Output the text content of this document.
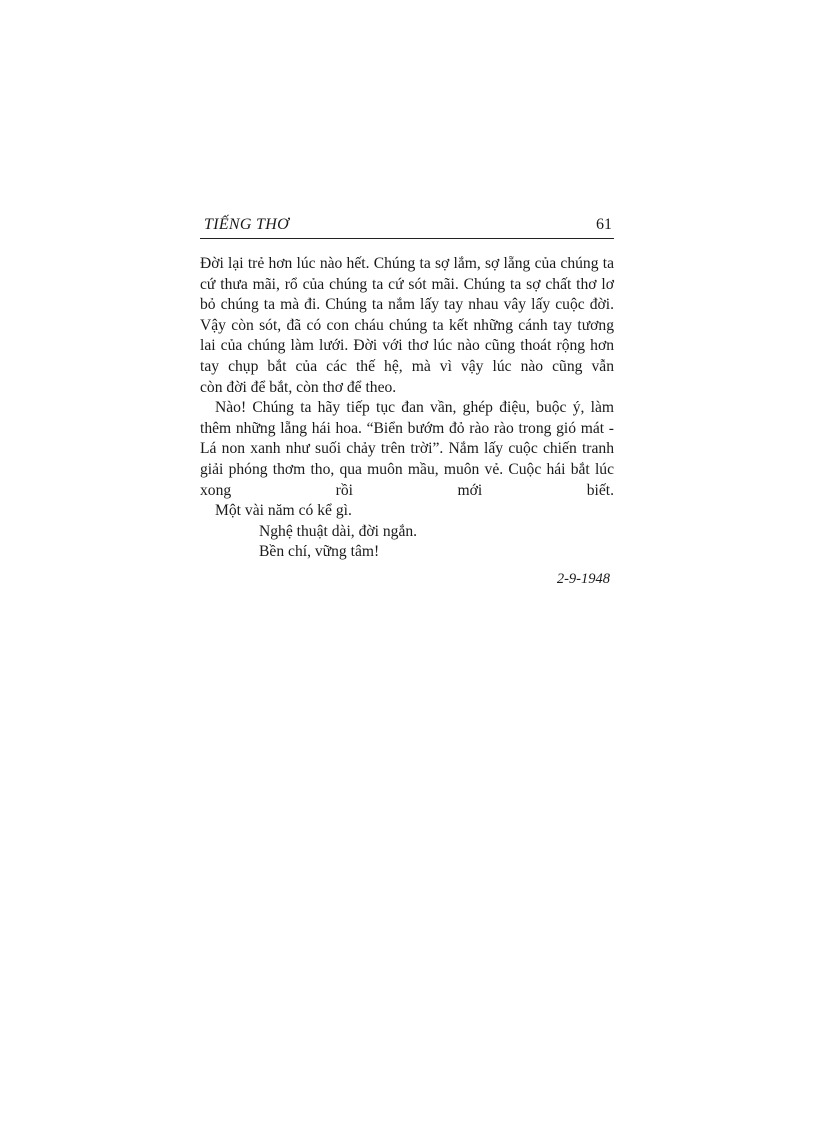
TIẾNG THƠ	61

Đời lại trẻ hơn lúc nào hết. Chúng ta sợ lắm, sợ lẵng của chúng ta cứ thưa mãi, rổ của chúng ta cứ sót mãi. Chúng ta sợ chất thơ lơ bỏ chúng ta mà đi. Chúng ta nắm lấy tay nhau vây lấy cuộc đời. Vậy còn sót, đã có con cháu chúng ta kết những cánh tay tương lai của chúng làm lưới. Đời với thơ lúc nào cũng thoát rộng hơn tay chụp bắt của các thế hệ, mà vì vậy lúc nào cũng vẫn
còn đời để bắt, còn thơ để theo.

Nào! Chúng ta hãy tiếp tục đan vần, ghép điệu, buộc ý, làm thêm những lẵng hái hoa. “Biển bướm đỏ rào rào trong gió mát - Lá non xanh như suối chảy trên trời”. Nắm lấy cuộc chiến tranh giải phóng thơm tho, qua muôn mầu, muôn vẻ. Cuộc hái bắt lúc xong rồi mới biết.
Một vài năm có kể gì.

Nghệ thuật dài, đời ngắn.
Bền chí, vững tâm!
2-9-1948
